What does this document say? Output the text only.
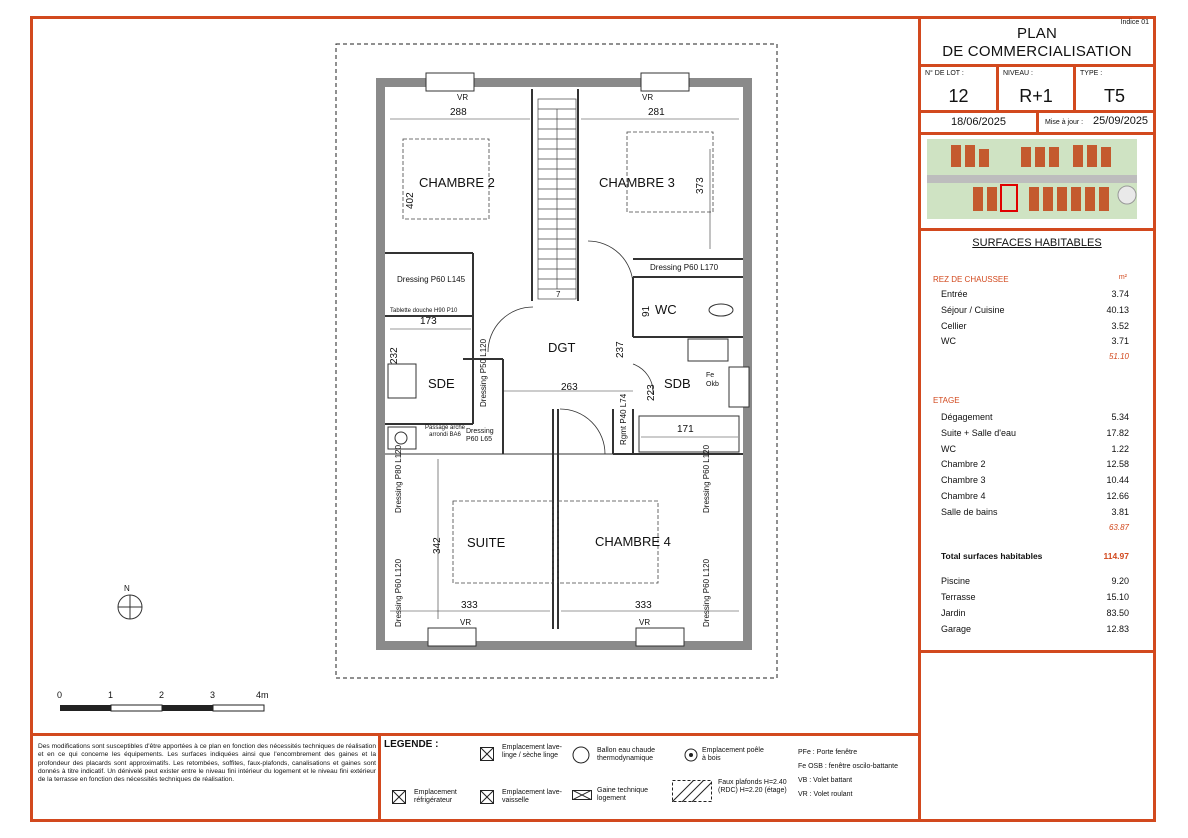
CHAMBRE 2	CHAMBRE 3
DGT
WC
SDE	SDB
SUITE	CHAMBRE 4
288	281
402
373
173
232
91
237
263	223
171
342
333	333
7
VR	VR
VR	VR
Dressing P60 L145
Dressing P60 L170
Tablette douche H90 P10
Dressing P50 L120
Dressing P60 L65
Passage arche arrondi BA6	Rgmt P40 L74
Fe Okb
Dressing P80 L120
Dressing P60 L120
Dressing P60 L120
Dressing P60 L120
N
0	1	2	3	4m
Indice 01
PLAN
DE COMMERCIALISATION
N° DE LOT :
12
NIVEAU :
R+1
TYPE :
T5
18/06/2025	Mise à jour : 25/09/2025
SURFACES HABITABLES
REZ DE CHAUSSEE	m²
Entrée	3.74
Séjour / Cuisine	40.13
Cellier	3.52
WC	3.71
51.10
ETAGE
Dégagement	5.34
Suite + Salle d'eau	17.82
WC	1.22
Chambre 2	12.58
Chambre 3	10.44
Chambre 4	12.66
Salle de bains	3.81
63.87
Total surfaces habitables	114.97
Piscine	9.20
Terrasse	15.10
Jardin	83.50
Garage	12.83
Des modifications sont susceptibles d'être apportées à ce plan en fonction des nécessités techniques de réalisation et en ce qui concerne les équipements. Les surfaces indiquées ainsi que l'encombrement des gaines et la profondeur des placards sont approximatifs. Les retombées, soffites, faux-plafonds, canalisations et gaines sont donnés à titre indicatif. Un dénivelé peut exister entre le niveau fini intérieur du logement et le niveau fini extérieur de la terrasse en fonction des nécessités techniques de réalisation.
LEGENDE :	Emplacement lave-linge / sèche linge
Ballon eau chaude thermodynamique
Emplacement poêle à bois
Emplacement réfrigérateur
Emplacement lave-vaisselle
Gaine technique logement
Faux plafonds H=2.40 (RDC) H=2.20 (étage)
PFe : Porte fenêtre
Fe OSB : fenêtre oscilo-battante
VB : Volet battant
VR : Volet roulant
